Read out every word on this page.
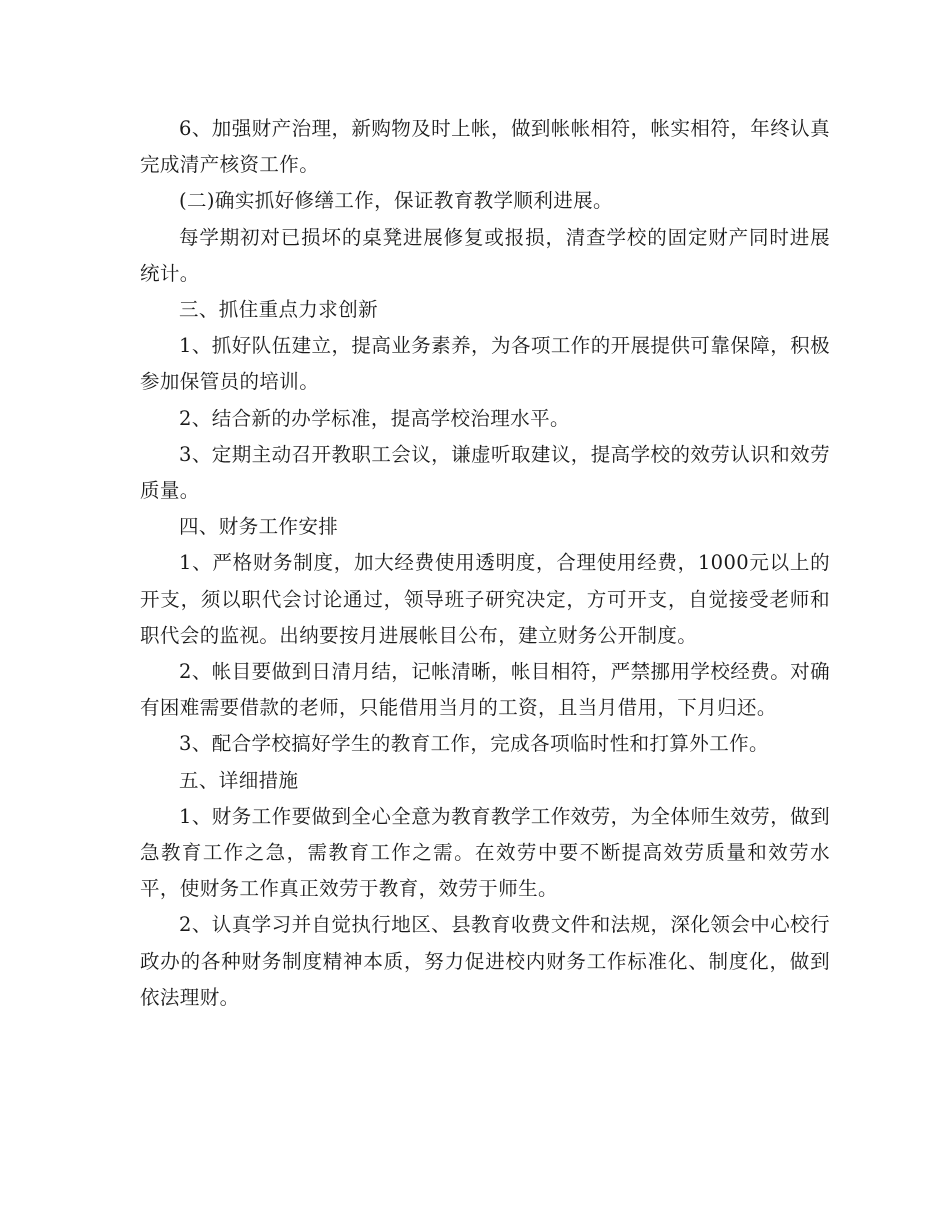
6、加强财产治理，新购物及时上帐，做到帐帐相符，帐实相符，年终认真完成清产核资工作。

(二)确实抓好修缮工作，保证教育教学顺利进展。

每学期初对已损坏的桌凳进展修复或报损，清查学校的固定财产同时进展统计。

三、抓住重点力求创新

1、抓好队伍建立，提高业务素养，为各项工作的开展提供可靠保障，积极参加保管员的培训。

2、结合新的办学标准，提高学校治理水平。

3、定期主动召开教职工会议，谦虚听取建议，提高学校的效劳认识和效劳质量。

四、财务工作安排

1、严格财务制度，加大经费使用透明度，合理使用经费，1000元以上的开支，须以职代会讨论通过，领导班子研究决定，方可开支，自觉接受老师和职代会的监视。出纳要按月进展帐目公布，建立财务公开制度。

2、帐目要做到日清月结，记帐清晰，帐目相符，严禁挪用学校经费。对确有困难需要借款的老师，只能借用当月的工资，且当月借用，下月归还。

3、配合学校搞好学生的教育工作，完成各项临时性和打算外工作。

五、详细措施

1、财务工作要做到全心全意为教育教学工作效劳，为全体师生效劳，做到急教育工作之急，需教育工作之需。在效劳中要不断提高效劳质量和效劳水平，使财务工作真正效劳于教育，效劳于师生。

2、认真学习并自觉执行地区、县教育收费文件和法规，深化领会中心校行政办的各种财务制度精神本质，努力促进校内财务工作标准化、制度化，做到依法理财。
